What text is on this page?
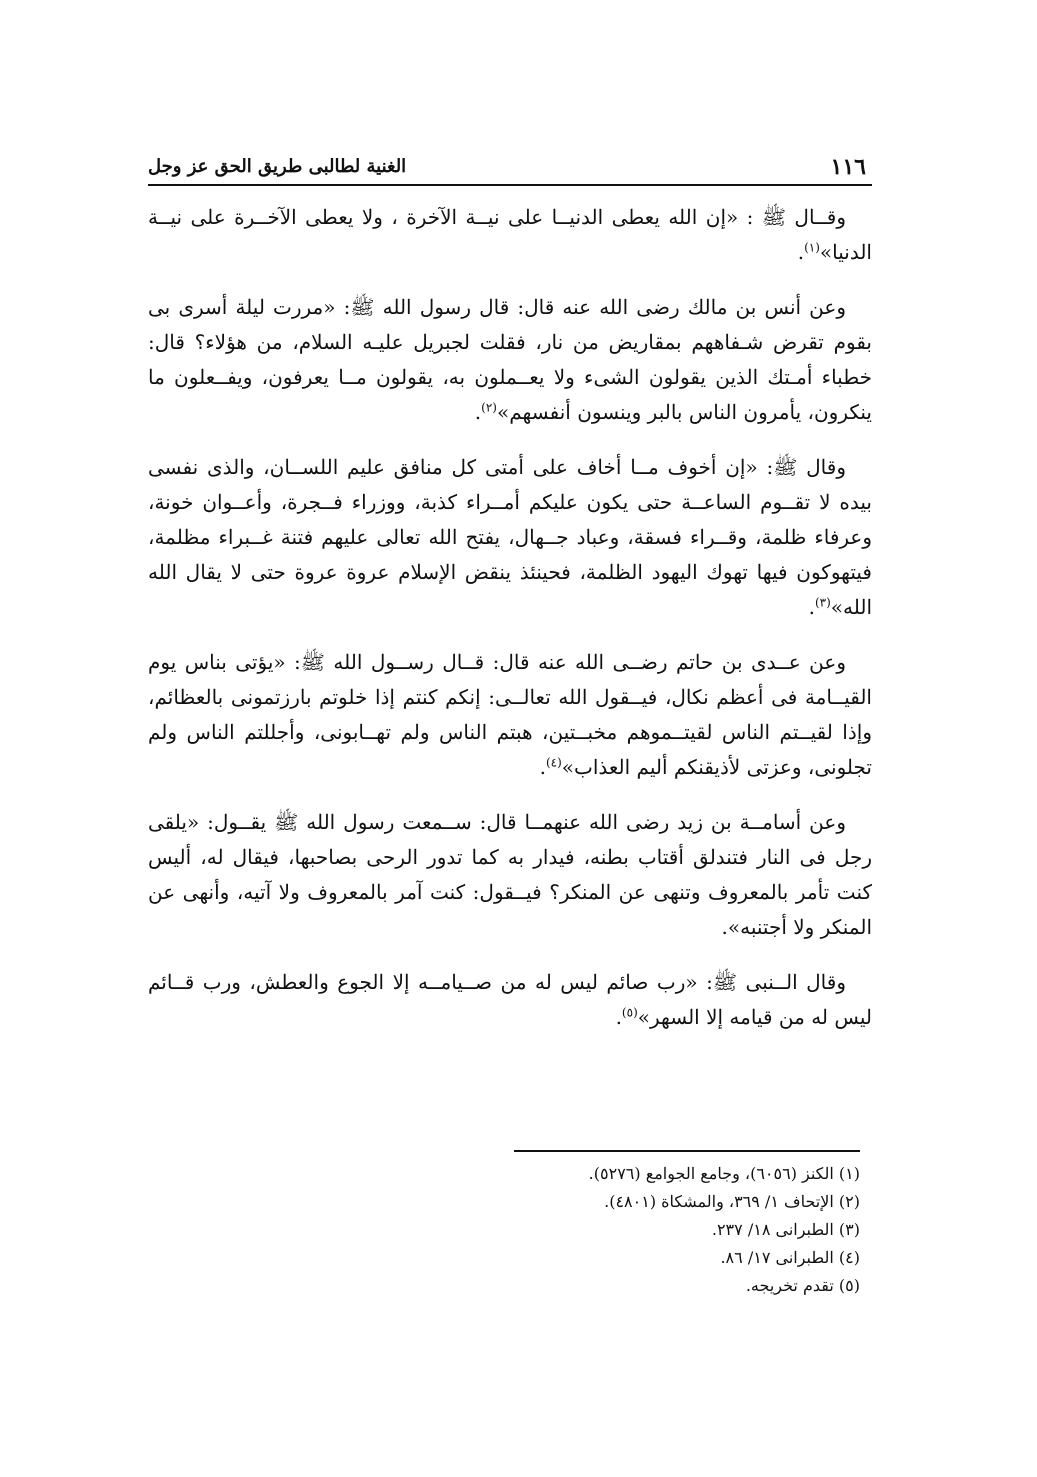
١١٦
الغنية لطالبى طريق الحق عز وجل

وقــال ﷺ : «إن الله يعطى الدنيــا على نيــة الآخرة ، ولا يعطى الآخــرة على نيــة الدنيا»$^{(١)}$.

وعن أنس بن مالك رضى الله عنه قال: قال رسول الله ﷺ: «مررت ليلة أسرى بى بقوم تقرض شـفاههم بمقاريض من نار، فقلت لجبريل عليـه السلام، من هؤلاء؟ قال: خطباء أمـتك الذين يقولون الشىء ولا يعــملون به، يقولون مــا يعرفون، ويفــعلون ما ينكرون، يأمرون الناس بالبر وينسون أنفسهم»$^{(٢)}$.

وقال ﷺ: «إن أخوف مــا أخاف على أمتى كل منافق عليم اللســان، والذى نفسى بيده لا تقــوم الساعــة حتى يكون عليكم أمــراء كذبة، ووزراء فــجرة، وأعــوان خونة، وعرفاء ظلمة، وقــراء فسقة، وعباد جــهال، يفتح الله تعالى عليهم فتنة غــبراء مظلمة، فيتهوكون فيها تهوك اليهود الظلمة، فحينئذ ينقض الإسلام عروة عروة حتى لا يقال الله الله»$^{(٣)}$.

وعن عــدى بن حاتم رضــى الله عنه قال: قــال رســول الله ﷺ: «يؤتى بناس يوم القيــامة فى أعظم نكال، فيــقول الله تعالــى: إنكم كنتم إذا خلوتم بارزتمونى بالعظائم، وإذا لقيــتم الناس لقيتــموهم مخبــتين، هبتم الناس ولم تهــابونى، وأجللتم الناس ولم تجلونى، وعزتى لأذيقنكم أليم العذاب»$^{(٤)}$.

وعن أسامــة بن زيد رضى الله عنهمــا قال: ســمعت رسول الله ﷺ يقــول: «يلقى رجل فى النار فتندلق أقتاب بطنه، فيدار به كما تدور الرحى بصاحبها، فيقال له، أليس كنت تأمر بالمعروف وتنهى عن المنكر؟ فيــقول: كنت آمر بالمعروف ولا آتيه، وأنهى عن المنكر ولا أجتنبه».

وقال الــنبى ﷺ: «رب صائم ليس له من صــيامــه إلا الجوع والعطش، ورب قــائم ليس له من قيامه إلا السهر»$^{(٥)}$.

(١) الكنز (٦٠٥٦)، وجامع الجوامع (٥٢٧٦).
(٢) الإتحاف ١/ ٣٦٩، والمشكاة (٤٨٠١).
(٣) الطبرانى ١٨/ ٢٣٧.
(٤) الطبرانى ١٧/ ٨٦.
(٥) تقدم تخريجه.
